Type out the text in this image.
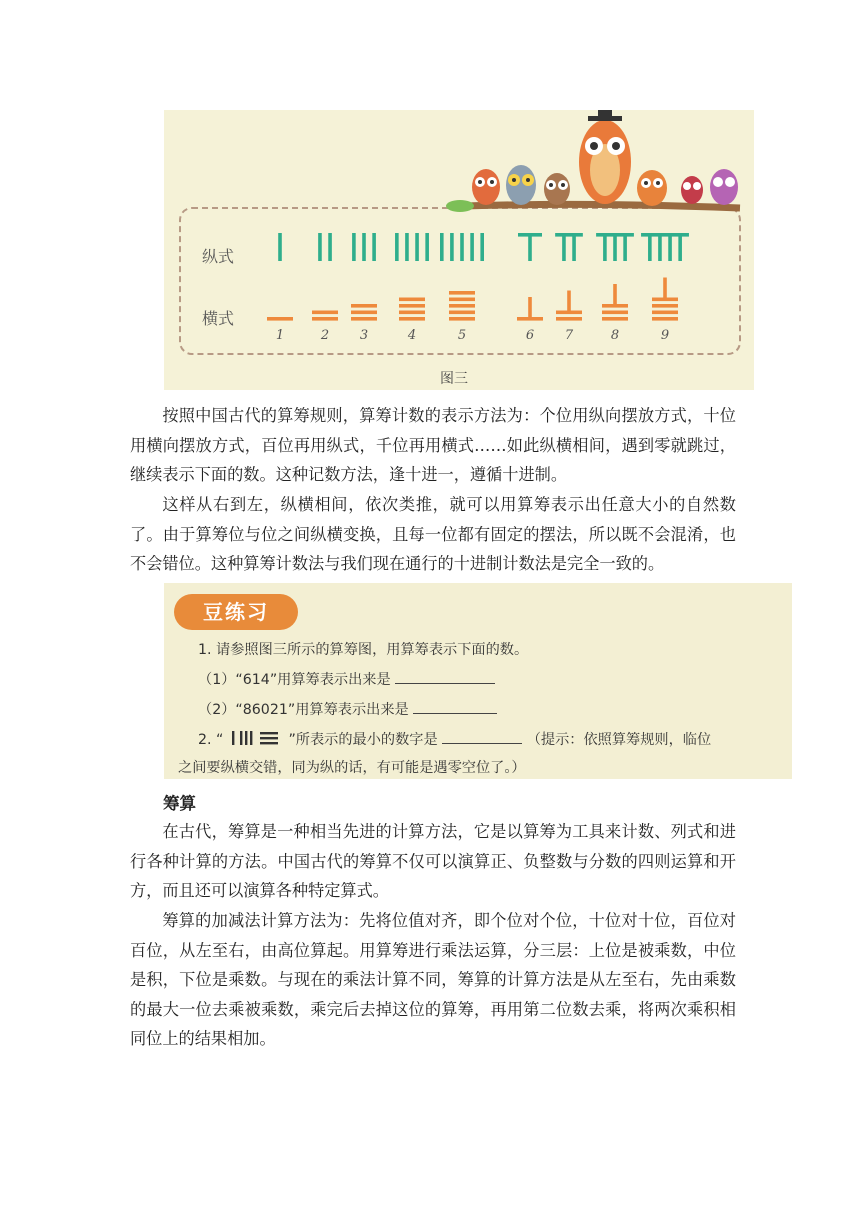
纵式
横式
1	2	3	4	5	6	7	8	9
图三

按照中国古代的算筹规则，算筹计数的表示方法为：个位用纵向摆放方式，十位用横向摆放方式，百位再用纵式，千位再用横式……如此纵横相间，遇到零就跳过，继续表示下面的数。这种记数方法，逢十进一，遵循十进制。

这样从右到左，纵横相间，依次类推，就可以用算筹表示出任意大小的自然数了。由于算筹位与位之间纵横变换，且每一位都有固定的摆法，所以既不会混淆，也不会错位。这种算筹计数法与我们现在通行的十进制计数法是完全一致的。

豆练习
1. 请参照图三所示的算筹图，用算筹表示下面的数。
（1）“614”用算筹表示出来是
（2）“86021”用算筹表示出来是
2. “	”所表示的最小的数字是	（提示：依照算筹规则，临位
之间要纵横交错，同为纵的话，有可能是遇零空位了。）
筹算

在古代，筹算是一种相当先进的计算方法，它是以算筹为工具来计数、列式和进行各种计算的方法。中国古代的筹算不仅可以演算正、负整数与分数的四则运算和开方，而且还可以演算各种特定算式。

筹算的加减法计算方法为：先将位值对齐，即个位对个位，十位对十位，百位对百位，从左至右，由高位算起。用算筹进行乘法运算，分三层：上位是被乘数，中位是积，下位是乘数。与现在的乘法计算不同，筹算的计算方法是从左至右，先由乘数的最大一位去乘被乘数，乘完后去掉这位的算筹，再用第二位数去乘，将两次乘积相同位上的结果相加。
